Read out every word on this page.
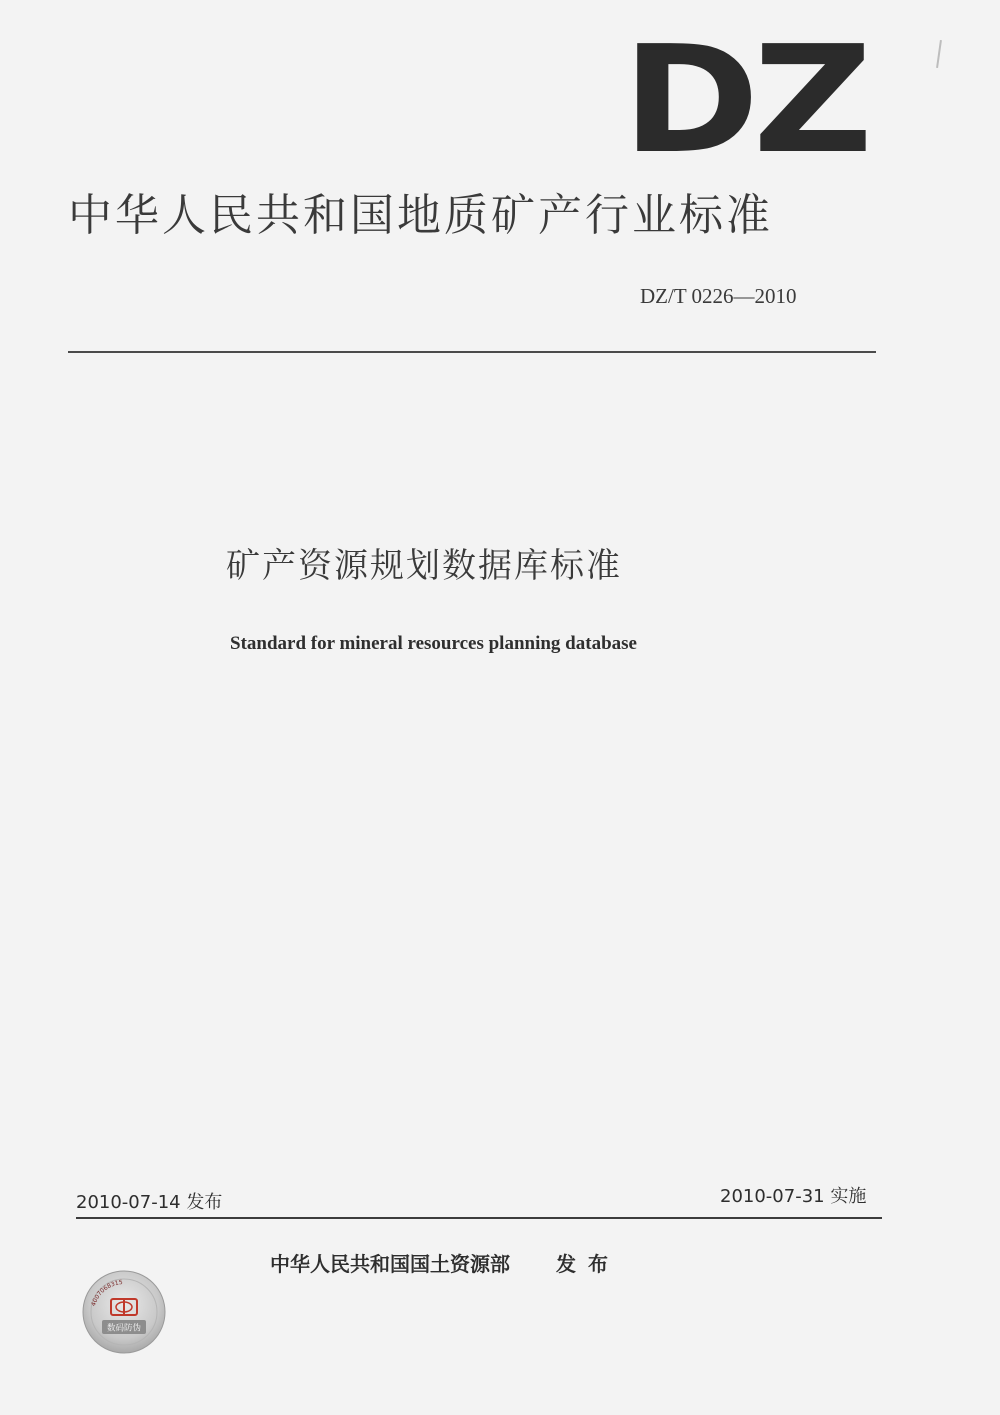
DZ
中华人民共和国地质矿产行业标准
DZ/T 0226—2010
矿产资源规划数据库标准
Standard for mineral resources planning database
2010-07-14 发布	2010-07-31 实施
中华人民共和国国土资源部 发布
4007068315
数码防伪
